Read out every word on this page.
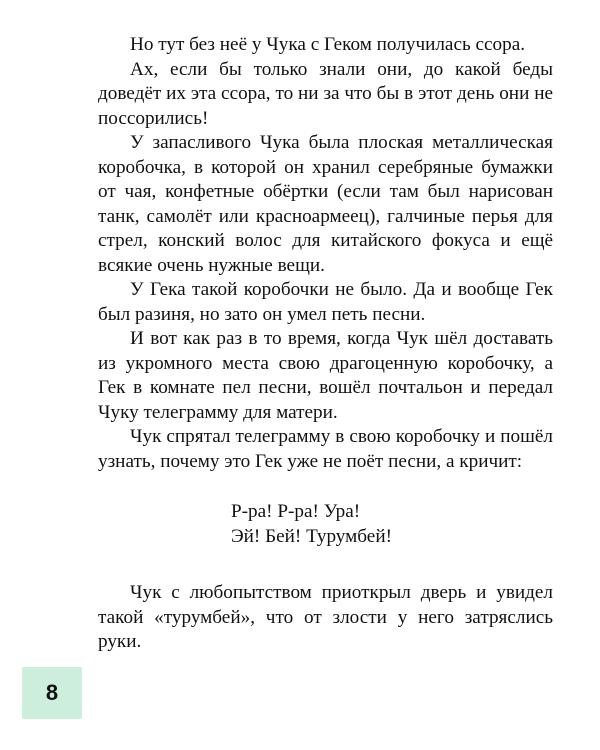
Но тут без неё у Чука с Геком получилась ссора.

Ах, если бы только знали они, до какой беды доведёт их эта ссора, то ни за что бы в этот день они не поссорились!

У запасливого Чука была плоская металлическая коробочка, в которой он хранил серебряные бумажки от чая, конфетные обёртки (если там был нарисован танк, самолёт или красноармеец), галчиные перья для стрел, конский волос для китайского фокуса и ещё всякие очень нужные вещи.

У Гека такой коробочки не было. Да и вообще Гек был разиня, но зато он умел петь песни.

И вот как раз в то время, когда Чук шёл доставать из укромного места свою драгоценную коробочку, а Гек в комнате пел песни, вошёл почтальон и передал Чуку телеграмму для матери.

Чук спрятал телеграмму в свою коробочку и пошёл узнать, почему это Гек уже не поёт песни, а кричит:

Р-ра! Р-ра! Ура!
Эй! Бей! Турумбей!

Чук с любопытством приоткрыл дверь и увидел такой «турумбей», что от злости у него затряслись руки.

8
